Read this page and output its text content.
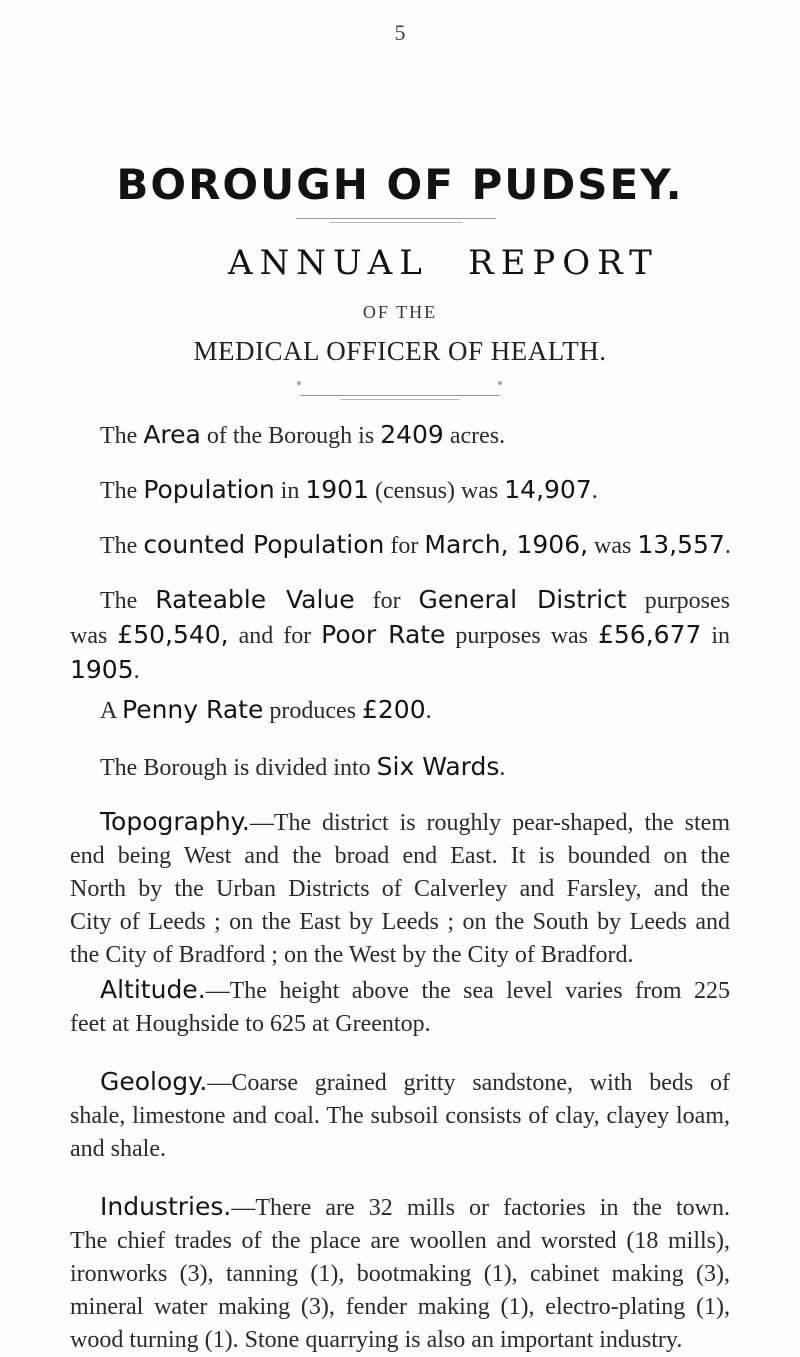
5
BOROUGH OF PUDSEY.
ANNUAL REPORT
OF THE
MEDICAL OFFICER OF HEALTH.
The Area of the Borough is 2409 acres.
The Population in 1901 (census) was 14,907.
The counted Population for March, 1906, was 13,557.
The Rateable Value for General District purposes
was £50,540, and for Poor Rate purposes was £56,677 in
1905.
A Penny Rate produces £200.
The Borough is divided into Six Wards.
Topography.—The district is roughly pear-shaped, the stem
end being West and the broad end East. It is bounded on the
North by the Urban Districts of Calverley and Farsley, and the
City of Leeds ; on the East by Leeds ; on the South by Leeds and
the City of Bradford ; on the West by the City of Bradford.
Altitude.—The height above the sea level varies from 225
feet at Houghside to 625 at Greentop.
Geology.—Coarse grained gritty sandstone, with beds of
shale, limestone and coal. The subsoil consists of clay, clayey loam,
and shale.
Industries.—There are 32 mills or factories in the town.
The chief trades of the place are woollen and worsted (18 mills),
ironworks (3), tanning (1), bootmaking (1), cabinet making (3),
mineral water making (3), fender making (1), electro-plating (1),
wood turning (1). Stone quarrying is also an important industry.
